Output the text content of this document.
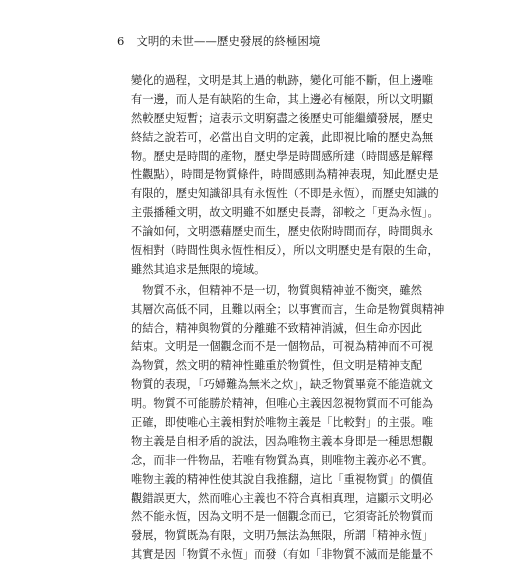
6 文明的未世——歷史發展的終極困境
變化的過程，文明是其上過的軌跡，變化可能不斷，但上邊唯
有一邊，而人是有缺陷的生命，其上邊必有極限，所以文明顯
然較歷史短暫；這表示文明窮盡之後歷史可能繼續發展，歷史
終結之說若可，必當出自文明的定義，此即視比喻的歷史為無
物。歷史是時間的產物，歷史學是時間感所建（時間感是解釋
性觀點），時間是物質條件，時間感則為精神表現，知此歷史是
有限的，歷史知識卻具有永恆性（不即是永恆），而歷史知識的
主張播種文明，故文明雖不如歷史長壽，卻較之「更為永恆」。
不論如何，文明憑藉歷史而生，歷史依附時間而存，時間與永
恆相對（時間性與永恆性相反），所以文明歷史是有限的生命，
雖然其追求是無限的境域。
　物質不永，但精神不是一切，物質與精神並不衡突，雖然
其層次高低不同，且難以兩全；以事實而言，生命是物質與精神
的結合，精神與物質的分離雖不致精神消滅，但生命亦因此
結束。文明是一個觀念而不是一個物品，可視為精神而不可視
為物質，然文明的精神性雖重於物質性，但文明是精神支配
物質的表現，「巧婦難為無米之炊」，缺乏物質畢竟不能造就文
明。物質不可能勝於精神，但唯心主義因忽視物質而不可能為
正確，即使唯心主義相對於唯物主義是「比較對」的主張。唯
物主義是自相矛盾的說法，因為唯物主義本身即是一種思想觀
念，而非一件物品，若唯有物質為真，則唯物主義亦必不實。
唯物主義的精神性使其說自我推翻，這比「重視物質」的價值
觀錯誤更大，然而唯心主義也不符合真相真理，這顯示文明必
然不能永恆，因為文明不是一個觀念而已，它須寄託於物質而
發展，物質既為有限，文明乃無法為無限，所謂「精神永恆」
其實是因「物質不永恆」而發（有如「非物質不滅而是能量不
